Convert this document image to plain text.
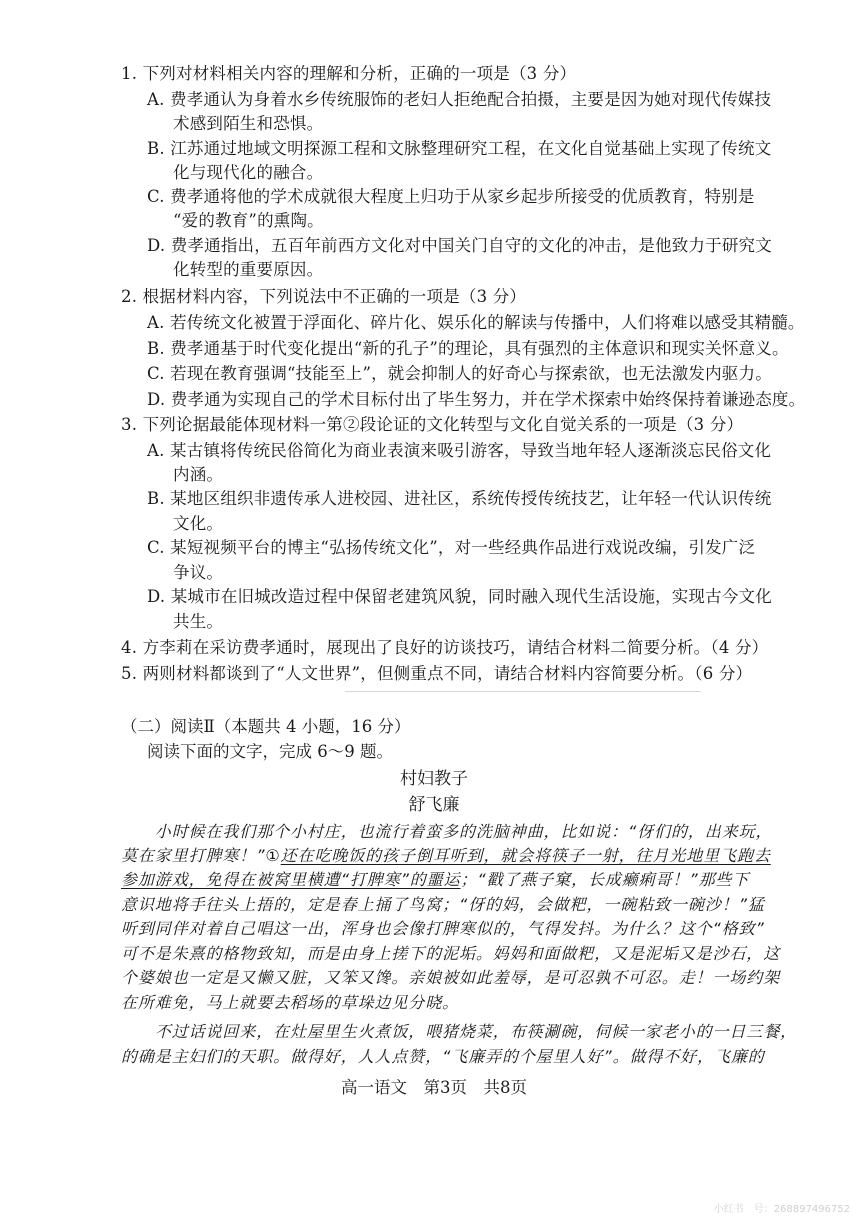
1. 下列对材料相关内容的理解和分析，正确的一项是（3 分）
A. 费孝通认为身着水乡传统服饰的老妇人拒绝配合拍摄，主要是因为她对现代传媒技
术感到陌生和恐惧。
B. 江苏通过地域文明探源工程和文脉整理研究工程，在文化自觉基础上实现了传统文
化与现代化的融合。
C. 费孝通将他的学术成就很大程度上归功于从家乡起步所接受的优质教育，特别是
“爱的教育”的熏陶。
D. 费孝通指出，五百年前西方文化对中国关门自守的文化的冲击，是他致力于研究文
化转型的重要原因。
2. 根据材料内容，下列说法中不正确的一项是（3 分）
A. 若传统文化被置于浮面化、碎片化、娱乐化的解读与传播中，人们将难以感受其精髓。
B. 费孝通基于时代变化提出“新的孔子”的理论，具有强烈的主体意识和现实关怀意义。
C. 若现在教育强调“技能至上”，就会抑制人的好奇心与探索欲，也无法激发内驱力。
D. 费孝通为实现自己的学术目标付出了毕生努力，并在学术探索中始终保持着谦逊态度。
3. 下列论据最能体现材料一第②段论证的文化转型与文化自觉关系的一项是（3 分）
A. 某古镇将传统民俗简化为商业表演来吸引游客，导致当地年轻人逐渐淡忘民俗文化
内涵。
B. 某地区组织非遗传承人进校园、进社区，系统传授传统技艺，让年轻一代认识传统
文化。
C. 某短视频平台的博主“弘扬传统文化”，对一些经典作品进行戏说改编，引发广泛
争议。
D. 某城市在旧城改造过程中保留老建筑风貌，同时融入现代生活设施，实现古今文化
共生。
4. 方李莉在采访费孝通时，展现出了良好的访谈技巧，请结合材料二简要分析。（4 分）
5. 两则材料都谈到了“人文世界”，但侧重点不同，请结合材料内容简要分析。（6 分）
（二）阅读Ⅱ（本题共 4 小题，16 分）
阅读下面的文字，完成 6～9 题。
村妇教子
舒飞廉
　　小时候在我们那个小村庄，也流行着蛮多的洗脑神曲，比如说：“伢们的，出来玩，
莫在家里打脾寒！”①还在吃晚饭的孩子倒耳听到，就会将筷子一射，往月光地里飞跑去
参加游戏，免得在被窝里横遭“打脾寒”的噩运；“戳了燕子窠，长成癞痢哥！”那些下
意识地将手往头上捂的，定是春上捅了鸟窝；“伢的妈，会做粑，一碗粘致一碗沙！”猛
听到同伴对着自己唱这一出，浑身也会像打脾寒似的，气得发抖。为什么？这个“格致”
可不是朱熹的格物致知，而是由身上搓下的泥垢。妈妈和面做粑，又是泥垢又是沙石，这
个婆娘也一定是又懒又脏，又笨又馋。亲娘被如此羞辱，是可忍孰不可忍。走！一场约架
在所难免，马上就要去稻场的草垛边见分晓。
　　不过话说回来，在灶屋里生火煮饭，喂猪烧菜，布筷涮碗，伺候一家老小的一日三餐，
的确是主妇们的天职。做得好，人人点赞，“飞廉弄的个屋里人好”。做得不好，飞廉的
高一语文　第3页　共8页
小红书　号：268897496752
